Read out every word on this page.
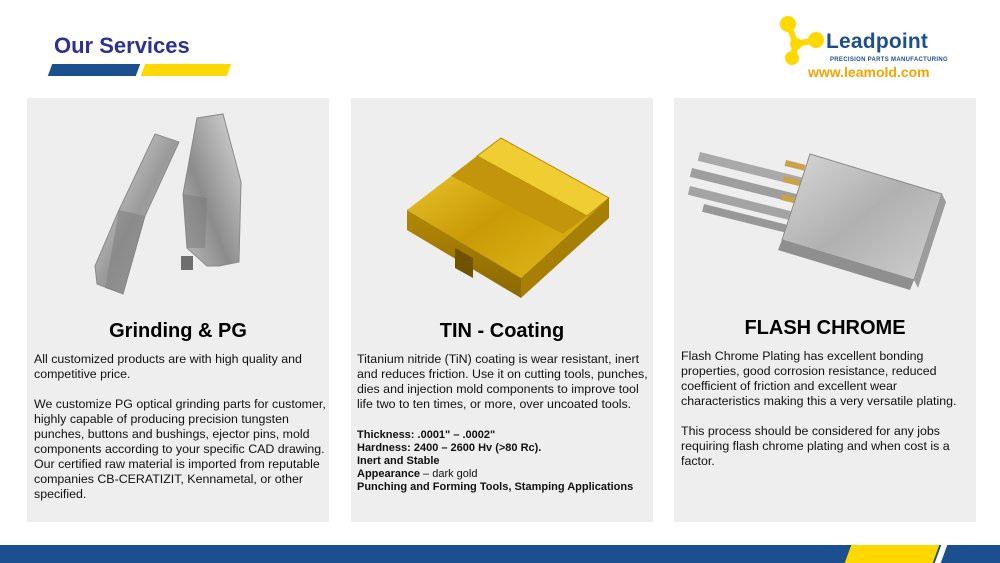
Our Services	Leadpoint
PRECISION PARTS MANUFACTURING
www.leamold.com
Grinding & PG

All customized products are with high quality and competitive price.

We customize PG optical grinding parts for customer, highly capable of producing precision tungsten punches, buttons and bushings, ejector pins, mold components according to your specific CAD drawing. Our certified raw material is imported from reputable companies CB-CERATIZIT, Kennametal, or other specified.

TIN - Coating

Titanium nitride (TiN) coating is wear resistant, inert and reduces friction. Use it on cutting tools, punches, dies and injection mold components to improve tool life two to ten times, or more, over uncoated tools.

Thickness: .0001" – .0002"
Hardness: 2400 – 2600 Hv (>80 Rc).
Inert and Stable
Appearance – dark gold
Punching and Forming Tools, Stamping Applications
FLASH CHROME

Flash Chrome Plating has excellent bonding properties, good corrosion resistance, reduced coefficient of friction and excellent wear characteristics making this a very versatile plating.

This process should be considered for any jobs requiring flash chrome plating and when cost is a factor.
